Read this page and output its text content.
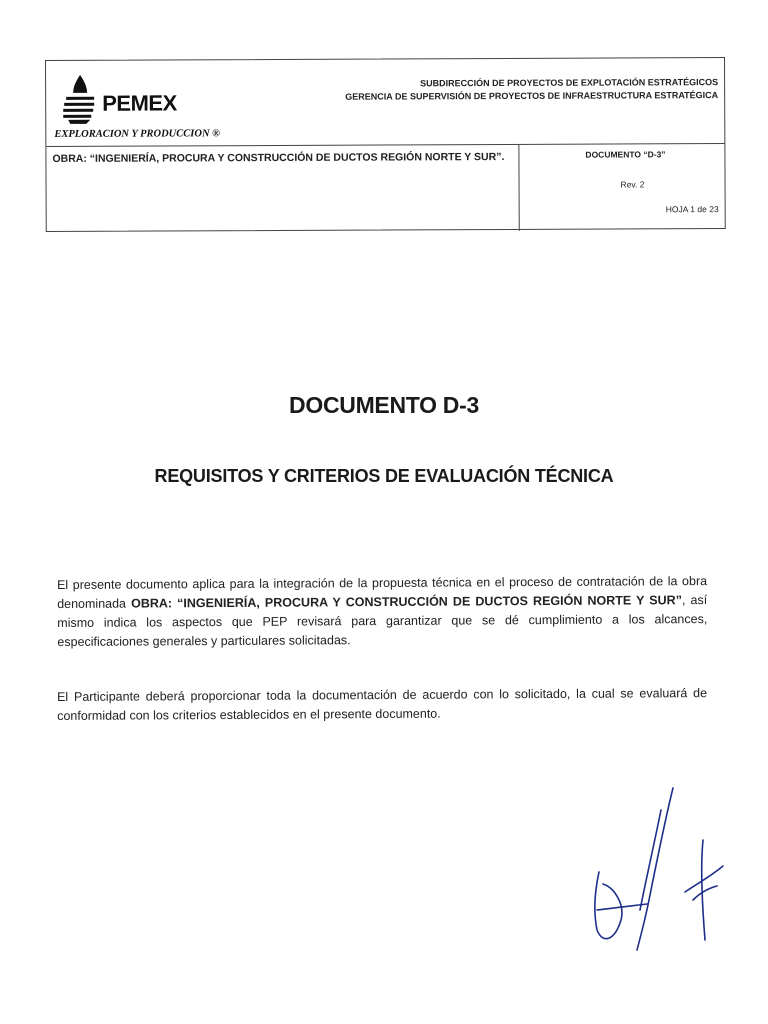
PEMEX
EXPLORACION Y PRODUCCION ®
SUBDIRECCIÓN DE PROYECTOS DE EXPLOTACIÓN ESTRATÉGICOS
GERENCIA DE SUPERVISIÓN DE PROYECTOS DE INFRAESTRUCTURA ESTRATÉGICA
OBRA: “INGENIERÍA, PROCURA Y CONSTRUCCIÓN DE DUCTOS REGIÓN NORTE Y SUR”.	DOCUMENTO “D-3”
Rev. 2
HOJA 1 de 23
DOCUMENTO D-3
REQUISITOS Y CRITERIOS DE EVALUACIÓN TÉCNICA
El presente documento aplica para la integración de la propuesta técnica en el proceso de contratación de la obra denominada OBRA: “INGENIERÍA, PROCURA Y CONSTRUCCIÓN DE DUCTOS REGIÓN NORTE Y SUR”, así mismo indica los aspectos que PEP revisará para garantizar que se dé cumplimiento a los alcances, especificaciones generales y particulares solicitadas.
El Participante deberá proporcionar toda la documentación de acuerdo con lo solicitado, la cual se evaluará de conformidad con los criterios establecidos en el presente documento.
